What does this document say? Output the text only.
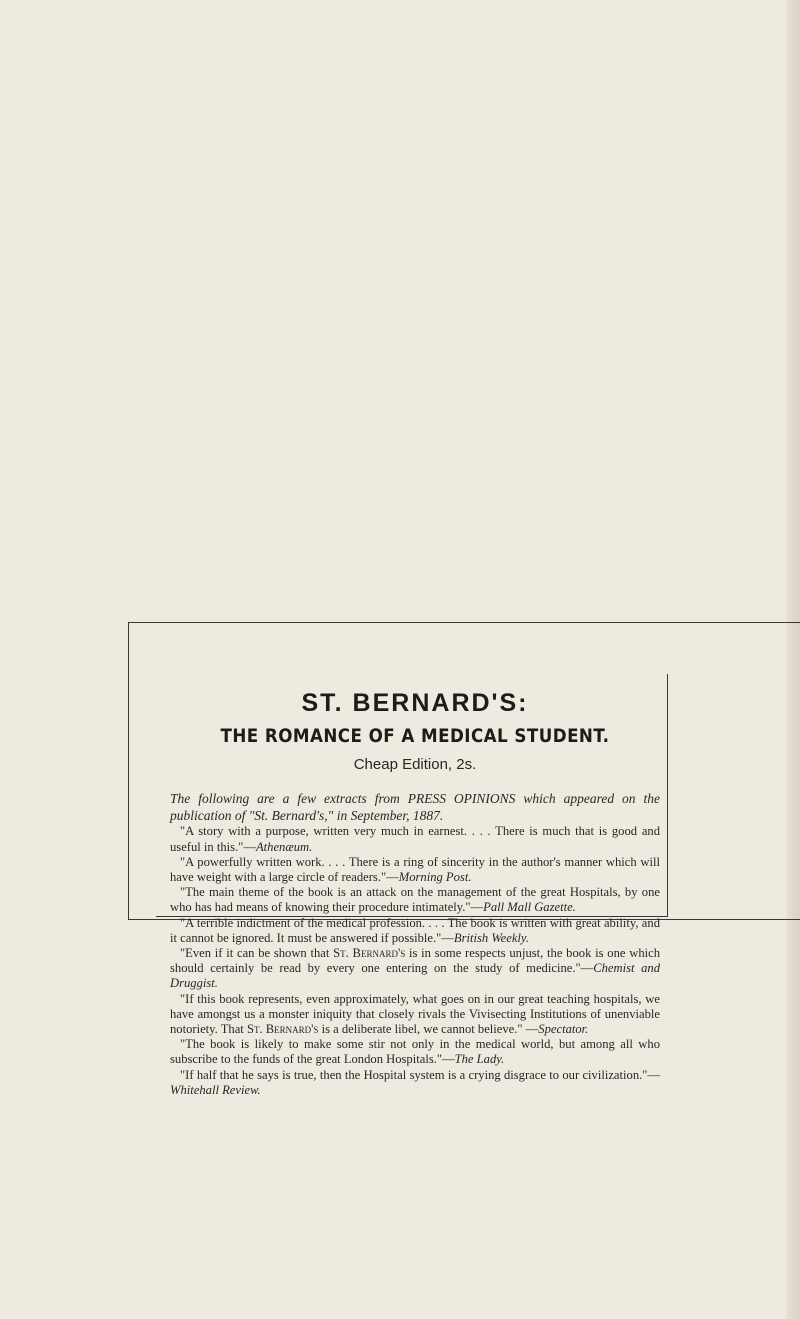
ST. BERNARD'S:
THE ROMANCE OF A MEDICAL STUDENT.
Cheap Edition, 2s.

The following are a few extracts from PRESS OPINIONS which appeared on the publication of "St. Bernard's," in September, 1887.

"A story with a purpose, written very much in earnest. . . . There is much that is good and useful in this."—Athenæum.

"A powerfully written work. . . . There is a ring of sincerity in the author's manner which will have weight with a large circle of readers."—Morning Post.

"The main theme of the book is an attack on the management of the great Hospitals, by one who has had means of knowing their procedure intimately."—Pall Mall Gazette.

"A terrible indictment of the medical profession. . . . The book is written with great ability, and it cannot be ignored. It must be answered if possible."—British Weekly.

"Even if it can be shown that St. Bernard's is in some respects unjust, the book is one which should certainly be read by every one entering on the study of medicine."—Chemist and Druggist.

"If this book represents, even approximately, what goes on in our great teaching hospitals, we have amongst us a monster iniquity that closely rivals the Vivisecting Institutions of unenviable notoriety. That St. Bernard's is a deliberate libel, we cannot believe." —Spectator.

"The book is likely to make some stir not only in the medical world, but among all who subscribe to the funds of the great London Hospitals."—The Lady.

"If half that he says is true, then the Hospital system is a crying disgrace to our civilization."—Whitehall Review.
